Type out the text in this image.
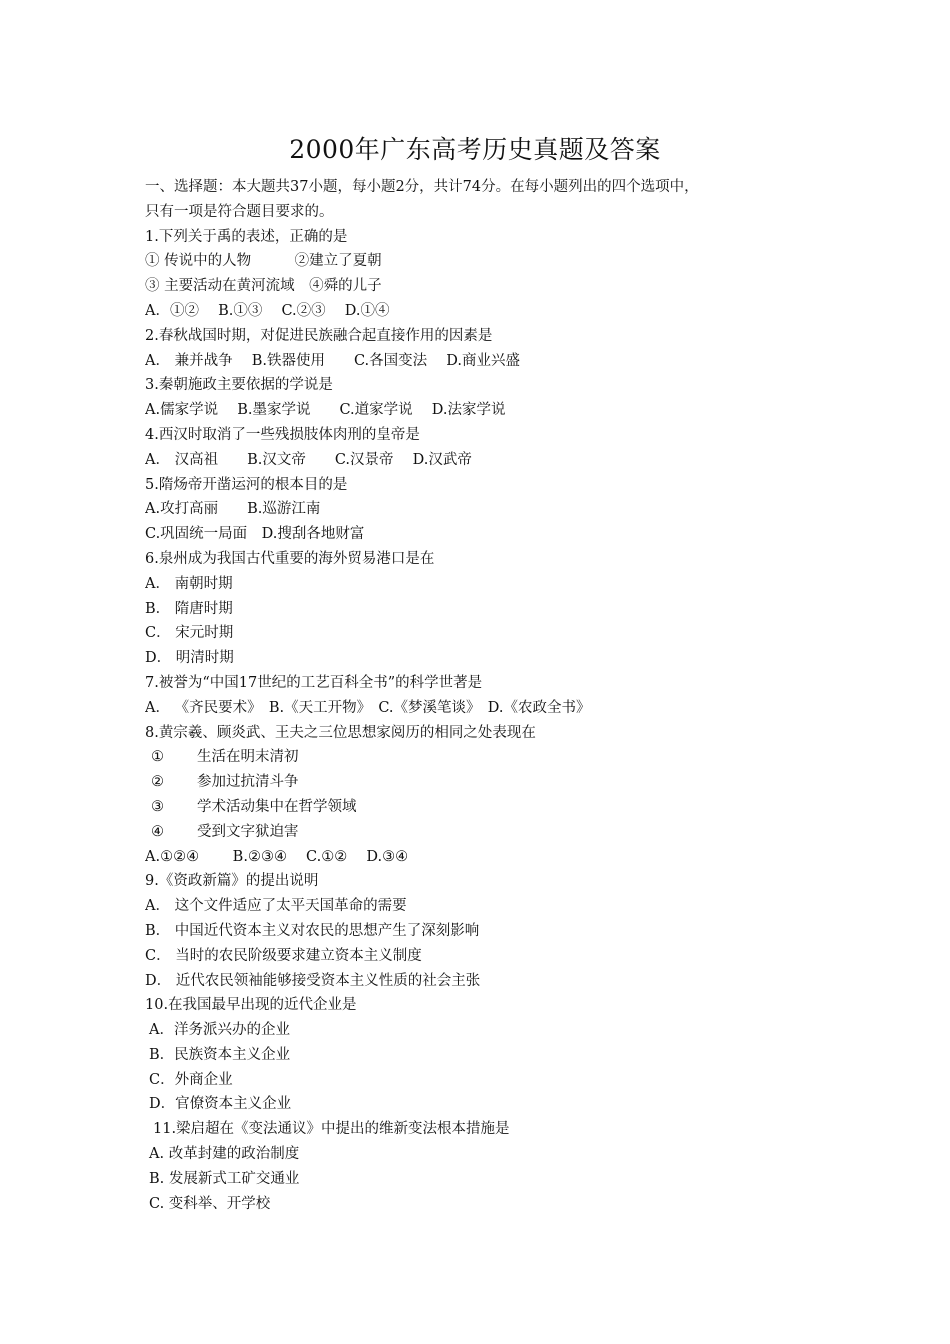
2000年广东高考历史真题及答案
一、选择题：本大题共37小题，每小题2分，共计74分。在每小题列出的四个选项中，
只有一项是符合题目要求的。
1.下列关于禹的表述，正确的是
① 传说中的人物　　　②建立了夏朝
③ 主要活动在黄河流域　④舜的儿子
A．①②　 B.①③　 C.②③　 D.①④
2.春秋战国时期，对促进民族融合起直接作用的因素是
A． 兼并战争　 B.铁器使用　　C.各国变法　 D.商业兴盛
3.秦朝施政主要依据的学说是
A.儒家学说　 B.墨家学说　　C.道家学说　 D.法家学说
4.西汉时取消了一些残损肢体肉刑的皇帝是
A． 汉高祖　　B.汉文帝　　C.汉景帝　 D.汉武帝
5.隋炀帝开凿运河的根本目的是
A.攻打高丽　　B.巡游江南
C.巩固统一局面　D.搜刮各地财富
6.泉州成为我国古代重要的海外贸易港口是在
A． 南朝时期
B． 隋唐时期
C． 宋元时期
D． 明清时期
7.被誉为“中国17世纪的工艺百科全书”的科学世著是
A． 《齐民要术》　B.《天工开物》　C.《梦溪笔谈》　D.《农政全书》
8.黄宗羲、顾炎武、王夫之三位思想家阅历的相同之处表现在
① 生活在明末清初
② 参加过抗清斗争
③ 学术活动集中在哲学领域
④ 受到文字狱迫害
A.①②④　　 B.②③④　 C.①②　 D.③④
9.《资政新篇》的提出说明
A． 这个文件适应了太平天国革命的需要
B． 中国近代资本主义对农民的思想产生了深刻影响
C． 当时的农民阶级要求建立资本主义制度
D． 近代农民领袖能够接受资本主义性质的社会主张
10.在我国最早出现的近代企业是
A．洋务派兴办的企业
B．民族资本主义企业
C．外商企业
D．官僚资本主义企业
11.梁启超在《变法通议》中提出的维新变法根本措施是
A. 改革封建的政治制度
B. 发展新式工矿交通业
C. 变科举、开学校
